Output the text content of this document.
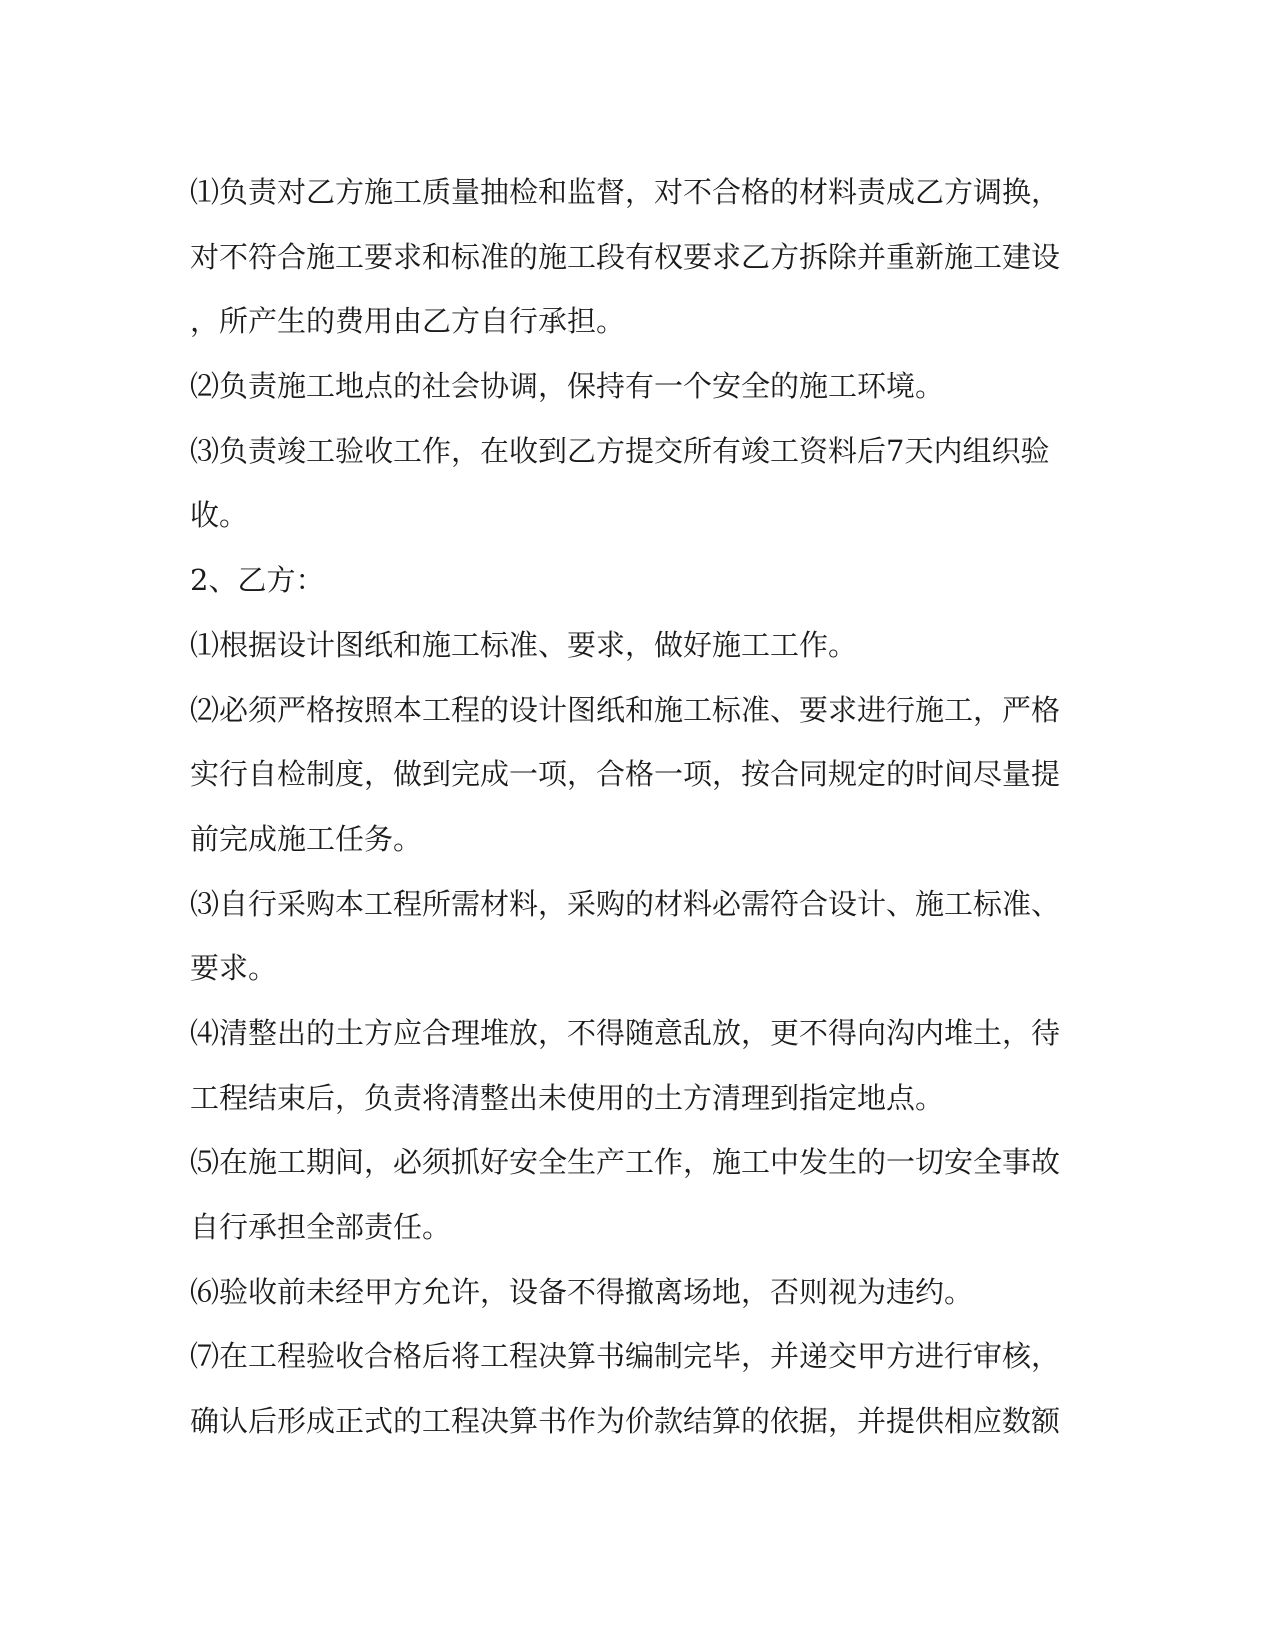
⑴负责对乙方施工质量抽检和监督，对不合格的材料责成乙方调换，
对不符合施工要求和标准的施工段有权要求乙方拆除并重新施工建设
，所产生的费用由乙方自行承担。
⑵负责施工地点的社会协调，保持有一个安全的施工环境。
⑶负责竣工验收工作，在收到乙方提交所有竣工资料后7天内组织验
收。
2、乙方：
⑴根据设计图纸和施工标准、要求，做好施工工作。
⑵必须严格按照本工程的设计图纸和施工标准、要求进行施工，严格
实行自检制度，做到完成一项，合格一项，按合同规定的时间尽量提
前完成施工任务。
⑶自行采购本工程所需材料，采购的材料必需符合设计、施工标准、
要求。
⑷清整出的土方应合理堆放，不得随意乱放，更不得向沟内堆土，待
工程结束后，负责将清整出未使用的土方清理到指定地点。
⑸在施工期间，必须抓好安全生产工作，施工中发生的一切安全事故
自行承担全部责任。
⑹验收前未经甲方允许，设备不得撤离场地，否则视为违约。
⑺在工程验收合格后将工程决算书编制完毕，并递交甲方进行审核，
确认后形成正式的工程决算书作为价款结算的依据，并提供相应数额
